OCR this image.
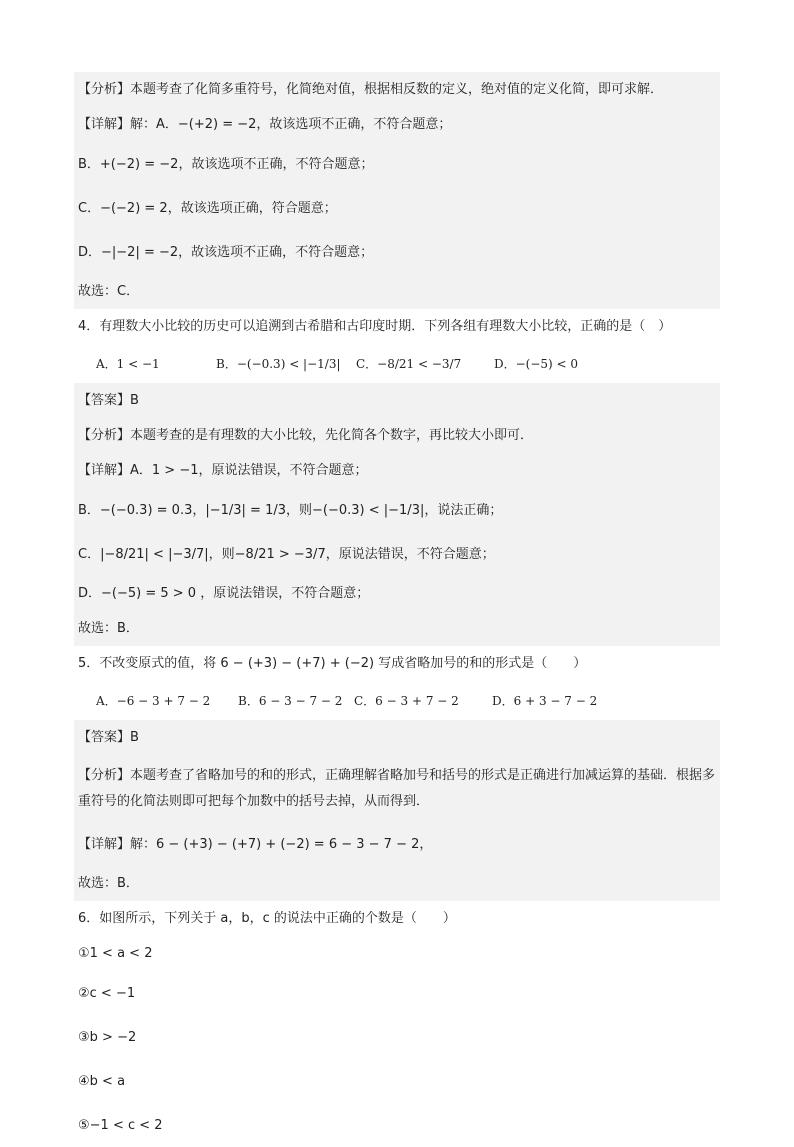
【分析】本题考查了化简多重符号，化简绝对值，根据相反数的定义，绝对值的定义化简，即可求解．
【详解】解：A．−(+2) = −2，故该选项不正确，不符合题意；
B．+(−2) = −2，故该选项不正确，不符合题意；
C．−(−2) = 2，故该选项正确，符合题意；
D．−|−2| = −2，故该选项不正确，不符合题意；
故选：C．
4．有理数大小比较的历史可以追溯到古希腊和古印度时期．下列各组有理数大小比较，正确的是（　）
A．1 < −1	B．−(−0.3) < |−1/3|	C．−8/21 < −3/7	D．−(−5) < 0
【答案】B
【分析】本题考查的是有理数的大小比较，先化简各个数字，再比较大小即可．
【详解】A．1 > −1，原说法错误，不符合题意；
B．−(−0.3) = 0.3，|−1/3| = 1/3，则−(−0.3) < |−1/3|，说法正确；
C．|−8/21| < |−3/7|，则−8/21 > −3/7，原说法错误，不符合题意；
D．−(−5) = 5 > 0 ，原说法错误，不符合题意；
故选：B．
5．不改变原式的值，将 6 − (+3) − (+7) + (−2) 写成省略加号的和的形式是（　　）
A．−6 − 3 + 7 − 2	B．6 − 3 − 7 − 2 C．6 − 3 + 7 − 2	D．6 + 3 − 7 − 2
【答案】B
【分析】本题考查了省略加号的和的形式，正确理解省略加号和括号的形式是正确进行加减运算的基础．根据多重符号的化简法则即可把每个加数中的括号去掉，从而得到．
【详解】解：6 − (+3) − (+7) + (−2) = 6 − 3 − 7 − 2，
故选：B．
6．如图所示，下列关于 a，b，c 的说法中正确的个数是（　　）
①1 < a < 2
②c < −1
③b > −2
④b < a
⑤−1 < c < 2
